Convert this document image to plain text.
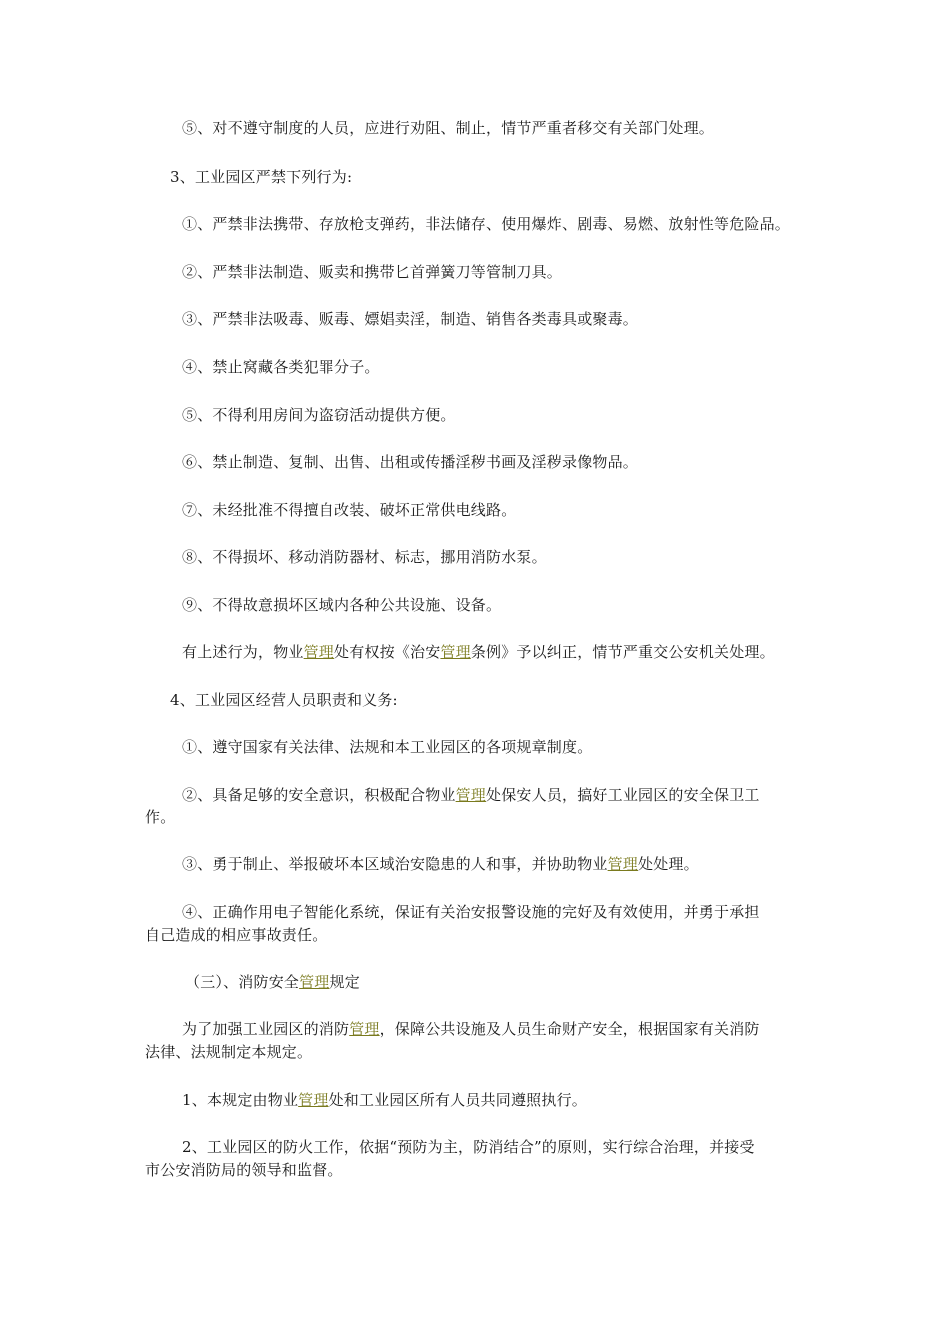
⑤、对不遵守制度的人员，应进行劝阻、制止，情节严重者移交有关部门处理。

3、工业园区严禁下列行为:

①、严禁非法携带、存放枪支弹药，非法储存、使用爆炸、剧毒、易燃、放射性等危险品。

②、严禁非法制造、贩卖和携带匕首弹簧刀等管制刀具。

③、严禁非法吸毒、贩毒、嫖娼卖淫，制造、销售各类毒具或聚毒。

④、禁止窝藏各类犯罪分子。

⑤、不得利用房间为盗窃活动提供方便。

⑥、禁止制造、复制、出售、出租或传播淫秽书画及淫秽录像物品。

⑦、未经批准不得擅自改装、破坏正常供电线路。

⑧、不得损坏、移动消防器材、标志，挪用消防水泵。

⑨、不得故意损坏区域内各种公共设施、设备。

有上述行为，物业管理处有权按《治安管理条例》予以纠正，情节严重交公安机关处理。

4、工业园区经营人员职责和义务:

①、遵守国家有关法律、法规和本工业园区的各项规章制度。

②、具备足够的安全意识，积极配合物业管理处保安人员，搞好工业园区的安全保卫工

作。

③、勇于制止、举报破坏本区域治安隐患的人和事，并协助物业管理处处理。

④、正确作用电子智能化系统，保证有关治安报警设施的完好及有效使用，并勇于承担

自己造成的相应事故责任。

（三）、消防安全管理规定

为了加强工业园区的消防管理，保障公共设施及人员生命财产安全，根据国家有关消防

法律、法规制定本规定。

1、本规定由物业管理处和工业园区所有人员共同遵照执行。

2、工业园区的防火工作，依据“预防为主，防消结合”的原则，实行综合治理，并接受

市公安消防局的领导和监督。
